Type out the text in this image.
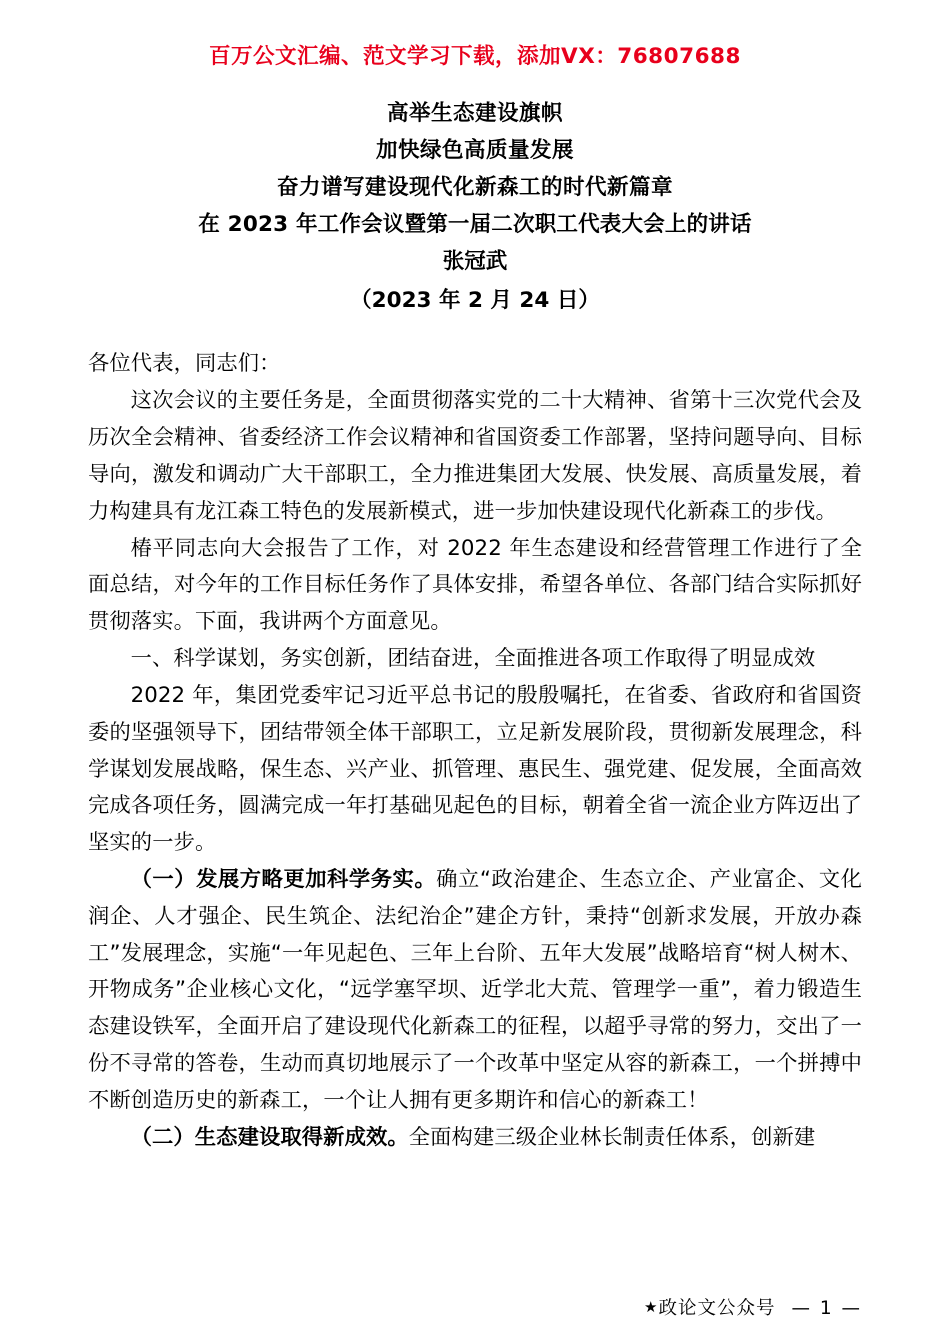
百万公文汇编、范文学习下载，添加VX：76807688
高举生态建设旗帜
加快绿色高质量发展
奋力谱写建设现代化新森工的时代新篇章
在 2023 年工作会议暨第一届二次职工代表大会上的讲话
张冠武
（2023 年 2 月 24 日）

各位代表，同志们：

这次会议的主要任务是，全面贯彻落实党的二十大精神、省第十三次党代会及历次全会精神、省委经济工作会议精神和省国资委工作部署，坚持问题导向、目标导向，激发和调动广大干部职工，全力推进集团大发展、快发展、高质量发展，着力构建具有龙江森工特色的发展新模式，进一步加快建设现代化新森工的步伐。

椿平同志向大会报告了工作，对 2022 年生态建设和经营管理工作进行了全面总结，对今年的工作目标任务作了具体安排，希望各单位、各部门结合实际抓好贯彻落实。下面，我讲两个方面意见。

一、科学谋划，务实创新，团结奋进，全面推进各项工作取得了明显成效

2022 年，集团党委牢记习近平总书记的殷殷嘱托，在省委、省政府和省国资委的坚强领导下，团结带领全体干部职工，立足新发展阶段，贯彻新发展理念，科学谋划发展战略，保生态、兴产业、抓管理、惠民生、强党建、促发展，全面高效完成各项任务，圆满完成一年打基础见起色的目标，朝着全省一流企业方阵迈出了坚实的一步。

（一）发展方略更加科学务实。确立“政治建企、生态立企、产业富企、文化润企、人才强企、民生筑企、法纪治企”建企方针，秉持“创新求发展，开放办森工”发展理念，实施“一年见起色、三年上台阶、五年大发展”战略培育“树人树木、开物成务”企业核心文化，“远学塞罕坝、近学北大荒、管理学一重”，着力锻造生态建设铁军，全面开启了建设现代化新森工的征程，以超乎寻常的努力，交出了一份不寻常的答卷，生动而真切地展示了一个改革中坚定从容的新森工，一个拼搏中不断创造历史的新森工，一个让人拥有更多期许和信心的新森工！

（二）生态建设取得新成效。全面构建三级企业林长制责任体系，创新建

★政论文公众号 — 1 —
